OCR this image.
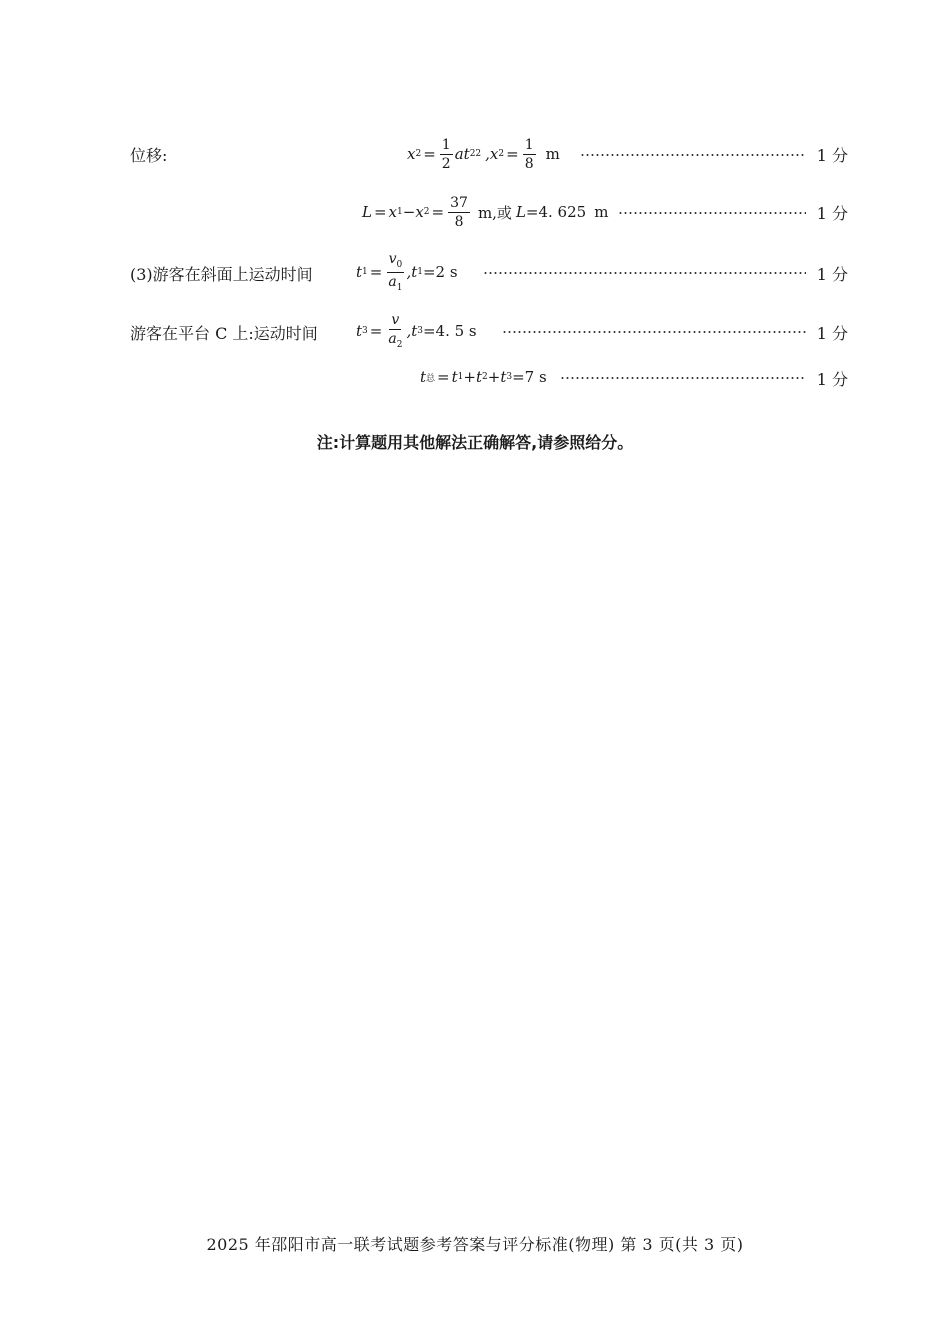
位移:	x $2 = \frac{1}{2}$ at 2 2 ,x $2 = \frac{1}{8}$ m	1 分
L = x 1 − x $2 = \frac{37}{8} m$,或 L =4. 625 m	1 分
(3)游客在斜面上运动时间	t $1 = \frac{v_0}{a_1} ,t$ 1 =2 s	1 分
游客在平台 C 上:运动时间	t $3 = \frac{v}{a_2} ,t$ 3 =4. 5 s	1 分
t 总 = t 1 + t 2 + t 3 =7 s	1 分
注:计算题用其他解法正确解答,请参照给分。
2025 年邵阳市高一联考试题参考答案与评分标准(物理) 第 3 页(共 3 页)
